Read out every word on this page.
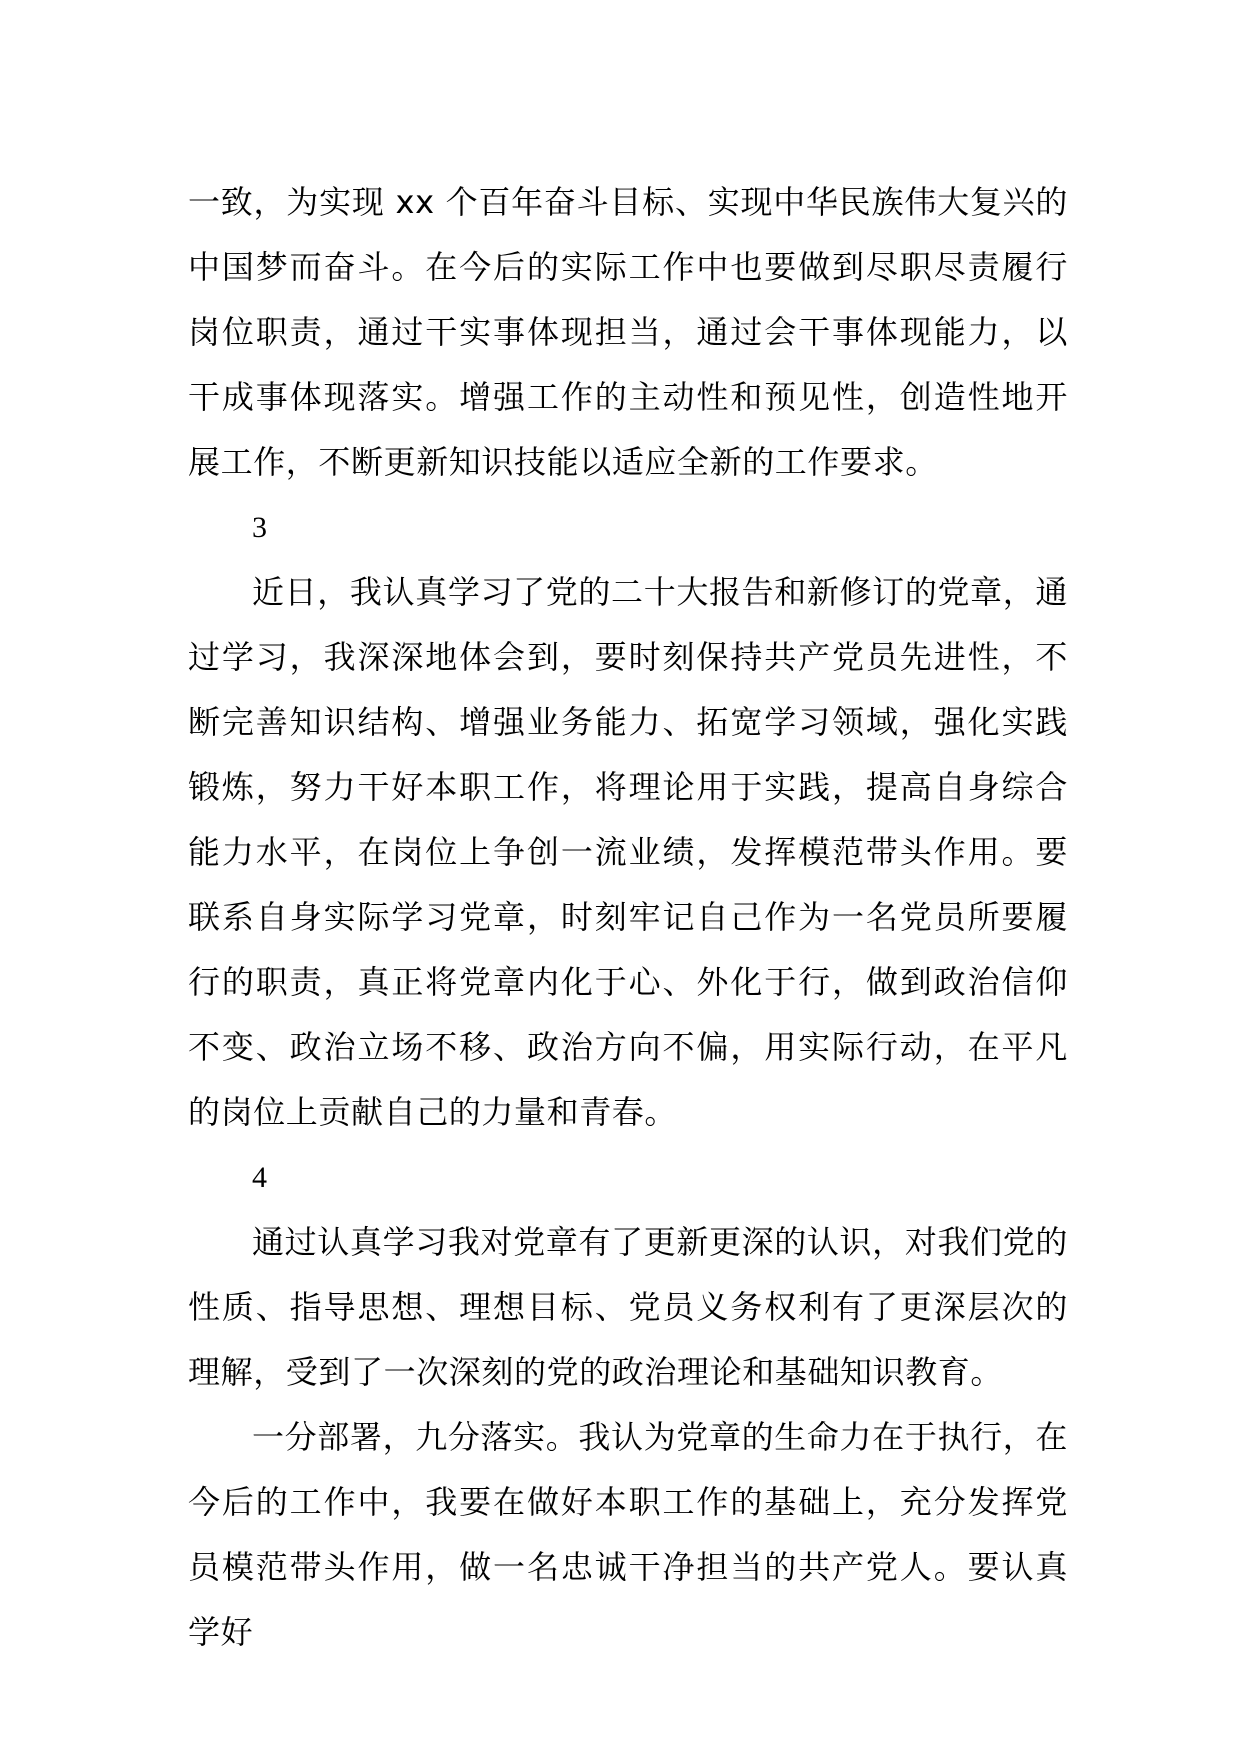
一致，为实现 xx 个百年奋斗目标、实现中华民族伟大复兴的中国梦而奋斗。在今后的实际工作中也要做到尽职尽责履行岗位职责，通过干实事体现担当，通过会干事体现能力，以干成事体现落实。增强工作的主动性和预见性，创造性地开展工作，不断更新知识技能以适应全新的工作要求。

3

近日，我认真学习了党的二十大报告和新修订的党章，通过学习，我深深地体会到，要时刻保持共产党员先进性，不断完善知识结构、增强业务能力、拓宽学习领域，强化实践锻炼，努力干好本职工作，将理论用于实践，提高自身综合能力水平，在岗位上争创一流业绩，发挥模范带头作用。要联系自身实际学习党章，时刻牢记自己作为一名党员所要履行的职责，真正将党章内化于心、外化于行，做到政治信仰不变、政治立场不移、政治方向不偏，用实际行动，在平凡的岗位上贡献自己的力量和青春。

4

通过认真学习我对党章有了更新更深的认识，对我们党的性质、指导思想、理想目标、党员义务权利有了更深层次的理解，受到了一次深刻的党的政治理论和基础知识教育。

一分部署，九分落实。我认为党章的生命力在于执行，在今后的工作中，我要在做好本职工作的基础上，充分发挥党员模范带头作用，做一名忠诚干净担当的共产党人。要认真学好
